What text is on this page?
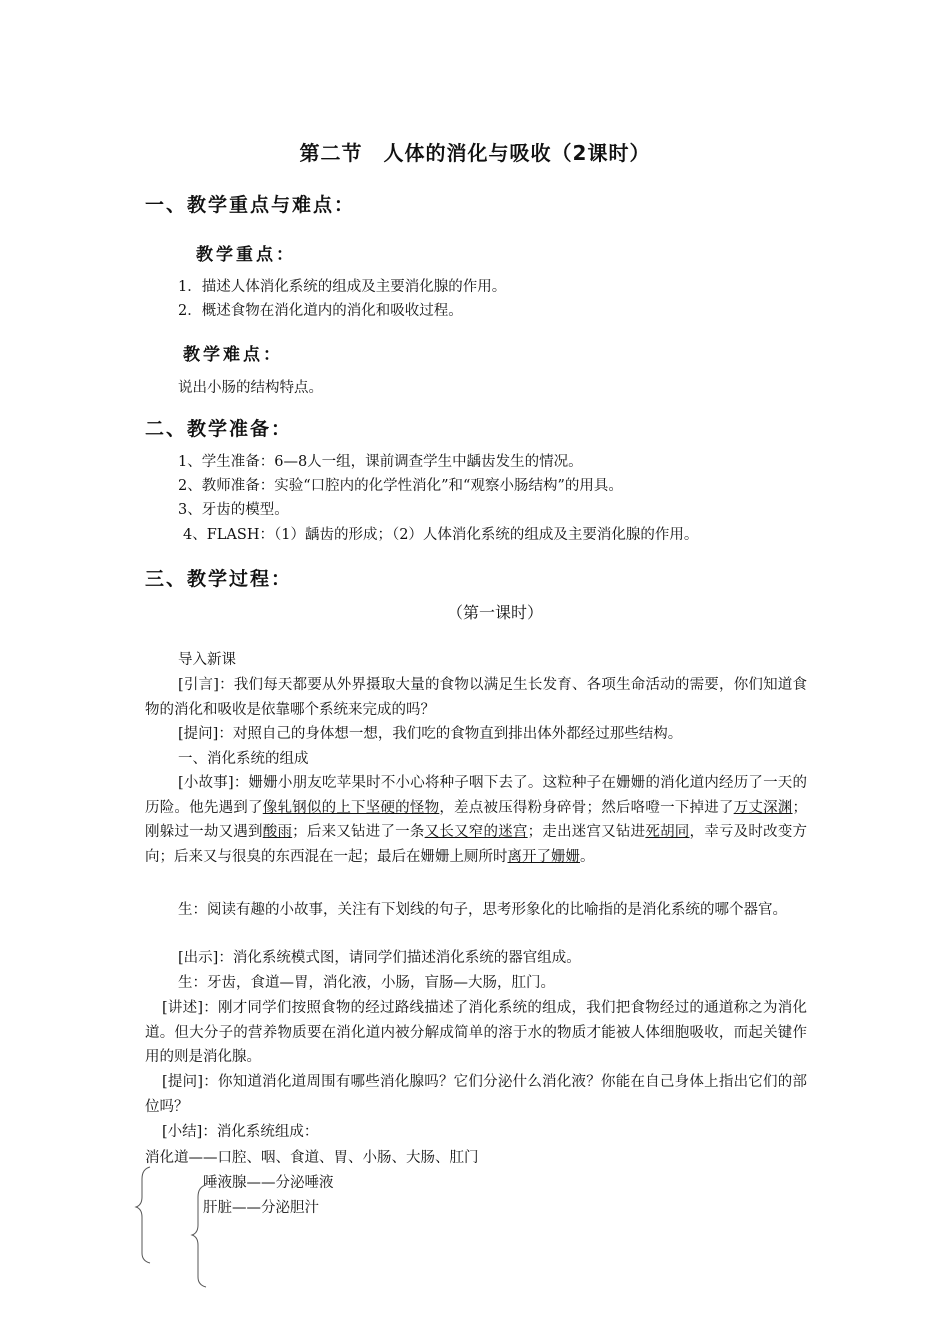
第二节　人体的消化与吸收（2课时）
一、教学重点与难点：
教学重点：
1．描述人体消化系统的组成及主要消化腺的作用。
2．概述食物在消化道内的消化和吸收过程。
教学难点：
说出小肠的结构特点。
二、教学准备：
1、学生准备：6—8人一组，课前调查学生中龋齿发生的情况。
2、教师准备：实验“口腔内的化学性消化”和“观察小肠结构”的用具。
3、牙齿的模型。
4、FLASH：（1）龋齿的形成；（2）人体消化系统的组成及主要消化腺的作用。
三、教学过程：
（第一课时）
导入新课
[引言]：我们每天都要从外界摄取大量的食物以满足生长发育、各项生命活动的需要，你们知道食物的消化和吸收是依靠哪个系统来完成的吗？
[提问]：对照自己的身体想一想，我们吃的食物直到排出体外都经过那些结构。
一、消化系统的组成
[小故事]：姗姗小朋友吃苹果时不小心将种子咽下去了。这粒种子在姗姗的消化道内经历了一天的历险。他先遇到了像轧钢似的上下坚硬的怪物，差点被压得粉身碎骨；然后咯噔一下掉进了万丈深渊；刚躲过一劫又遇到酸雨；后来又钻进了一条又长又窄的迷宫；走出迷宫又钻进死胡同，幸亏及时改变方向；后来又与很臭的东西混在一起；最后在姗姗上厕所时离开了姗姗。
生：阅读有趣的小故事，关注有下划线的句子，思考形象化的比喻指的是消化系统的哪个器官。
[出示]：消化系统模式图，请同学们描述消化系统的器官组成。
生：牙齿，食道—胃，消化液，小肠，盲肠—大肠，肛门。
[讲述]：刚才同学们按照食物的经过路线描述了消化系统的组成，我们把食物经过的通道称之为消化道。但大分子的营养物质要在消化道内被分解成简单的溶于水的物质才能被人体细胞吸收，而起关键作用的则是消化腺。
[提问]：你知道消化道周围有哪些消化腺吗？它们分泌什么消化液？你能在自己身体上指出它们的部位吗？
[小结]：消化系统组成：
消化道——口腔、咽、食道、胃、小肠、大肠、肛门
唾液腺——分泌唾液
肝脏——分泌胆汁
